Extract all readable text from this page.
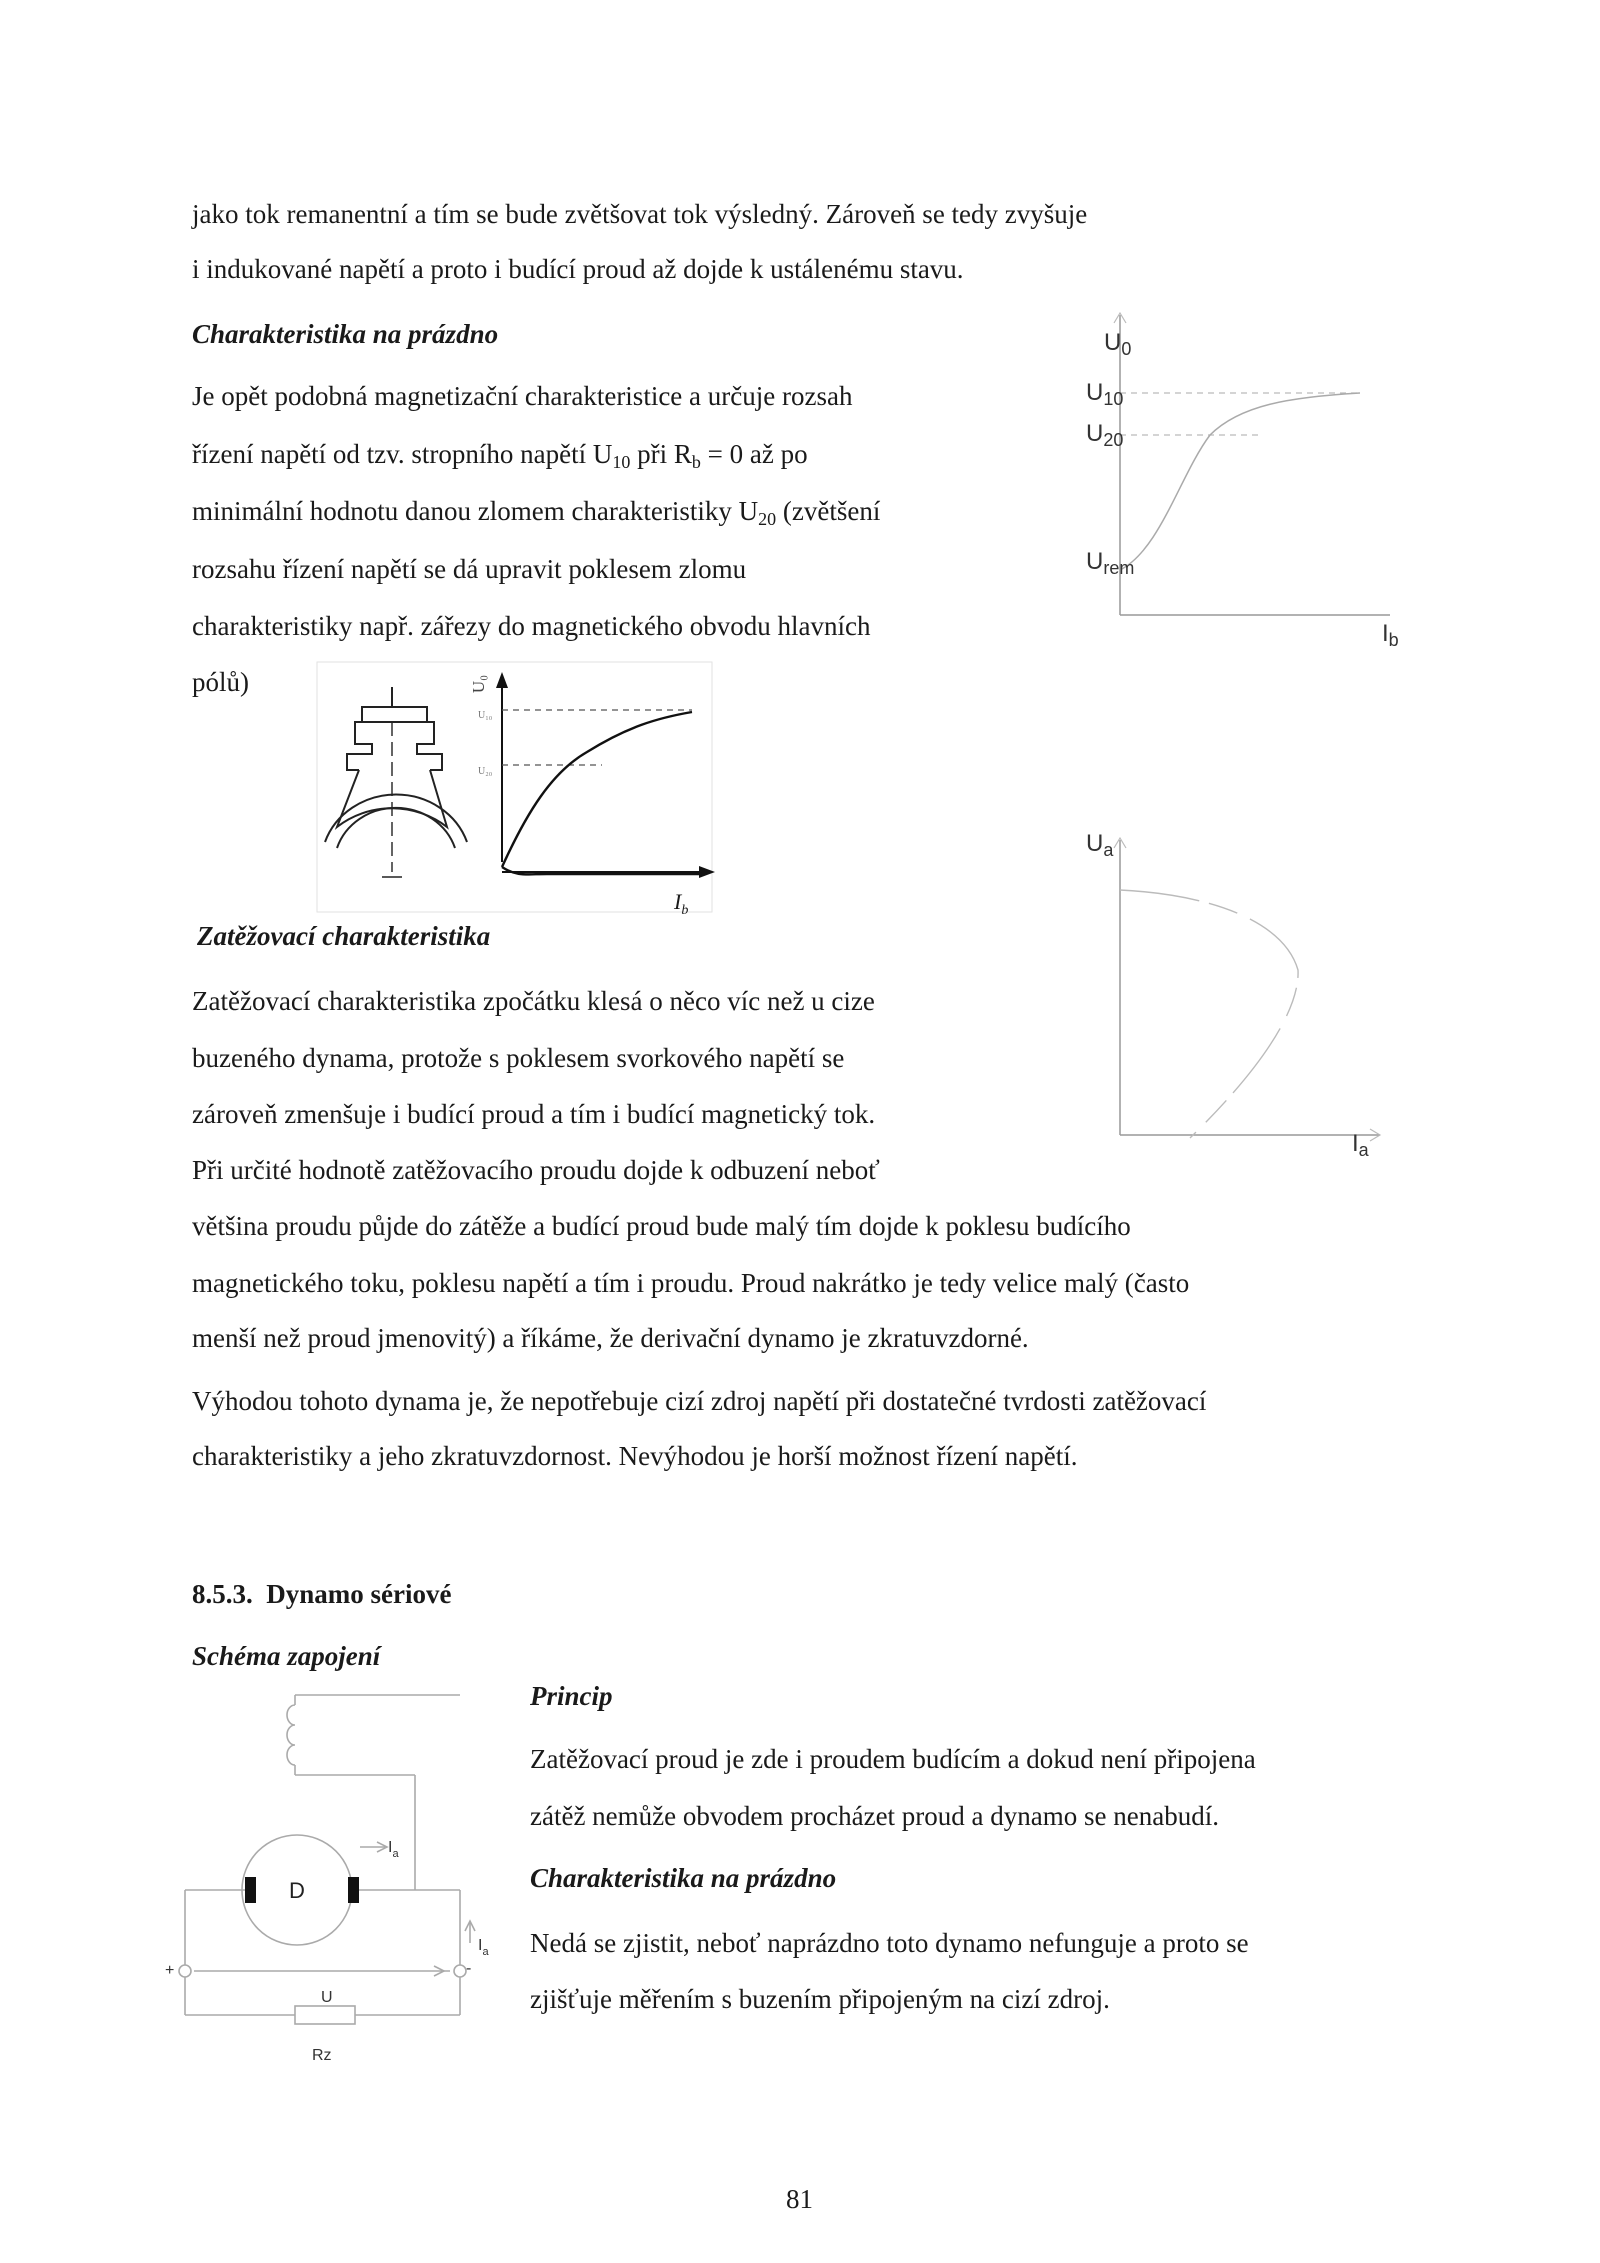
jako tok remanentní a tím se bude zvětšovat tok výsledný. Zároveň se tedy zvyšuje
i indukované napětí a proto i budící proud až dojde k ustálenému stavu.
Charakteristika na prázdno
Je opět podobná magnetizační charakteristice a určuje rozsah
řízení napětí od tzv. stropního napětí $U_{10}$ při $R_b = 0$ až po
minimální hodnotu danou zlomem charakteristiky $U_{20}$ (zvětšení
rozsahu řízení napětí se dá upravit poklesem zlomu
charakteristiky např. zářezy do magnetického obvodu hlavních
pólů)
$U_0$
$U_{10}$
$U_{20}$
$U_{rem}$
$I_b$
U₀
U₁₀
U₂₀
$I_b$
Zatěžovací charakteristika
Zatěžovací charakteristika zpočátku klesá o něco víc než u cize
buzeného dynama, protože s poklesem svorkového napětí se
zároveň zmenšuje i budící proud a tím i budící magnetický tok.
Při určité hodnotě zatěžovacího proudu dojde k odbuzení neboť
většina proudu půjde do zátěže a budící proud bude malý tím dojde k poklesu budícího
magnetického toku, poklesu napětí a tím i proudu. Proud nakrátko je tedy velice malý (často
menší než proud jmenovitý) a říkáme, že derivační dynamo je zkratuvzdorné.
$U_a$
$I_a$
Výhodou tohoto dynama je, že nepotřebuje cizí zdroj napětí při dostatečné tvrdosti zatěžovací
charakteristiky a jeho zkratuvzdornost. Nevýhodou je horší možnost řízení napětí.
8.5.3. Dynamo sériové
Schéma zapojení
D
$I_a$
$I_a$
+	-
U
Rz
Princip
Zatěžovací proud je zde i proudem budícím a dokud není připojena
zátěž nemůže obvodem procházet proud a dynamo se nenabudí.
Charakteristika na prázdno
Nedá se zjistit, neboť naprázdno toto dynamo nefunguje a proto se
zjišťuje měřením s buzením připojeným na cizí zdroj.
81
